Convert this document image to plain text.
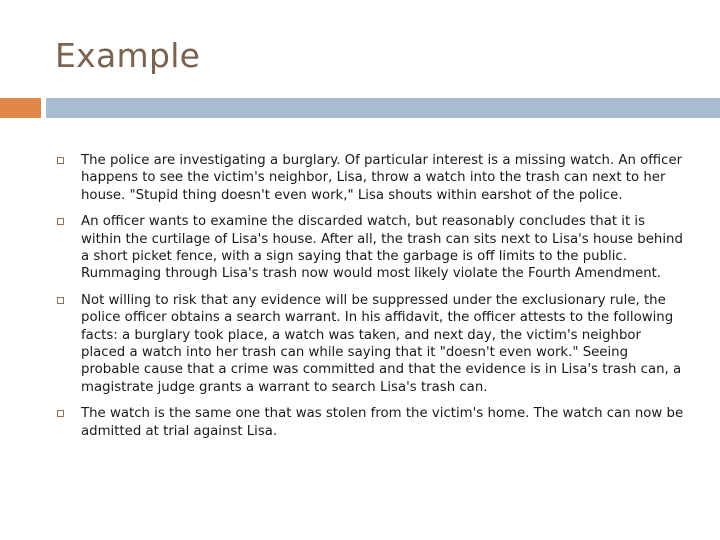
Example
The police are investigating a burglary. Of particular interest is a missing watch. An officer happens to see the victim's neighbor, Lisa, throw a watch into the trash can next to her house. "Stupid thing doesn't even work," Lisa shouts within earshot of the police.
An officer wants to examine the discarded watch, but reasonably concludes that it is within the curtilage of Lisa's house. After all, the trash can sits next to Lisa's house behind a short picket fence, with a sign saying that the garbage is off limits to the public. Rummaging through Lisa's trash now would most likely violate the Fourth Amendment.
Not willing to risk that any evidence will be suppressed under the exclusionary rule, the police officer obtains a search warrant. In his affidavit, the officer attests to the following facts: a burglary took place, a watch was taken, and next day, the victim's neighbor placed a watch into her trash can while saying that it "doesn't even work." Seeing probable cause that a crime was committed and that the evidence is in Lisa's trash can, a magistrate judge grants a warrant to search Lisa's trash can.
The watch is the same one that was stolen from the victim's home. The watch can now be admitted at trial against Lisa.
